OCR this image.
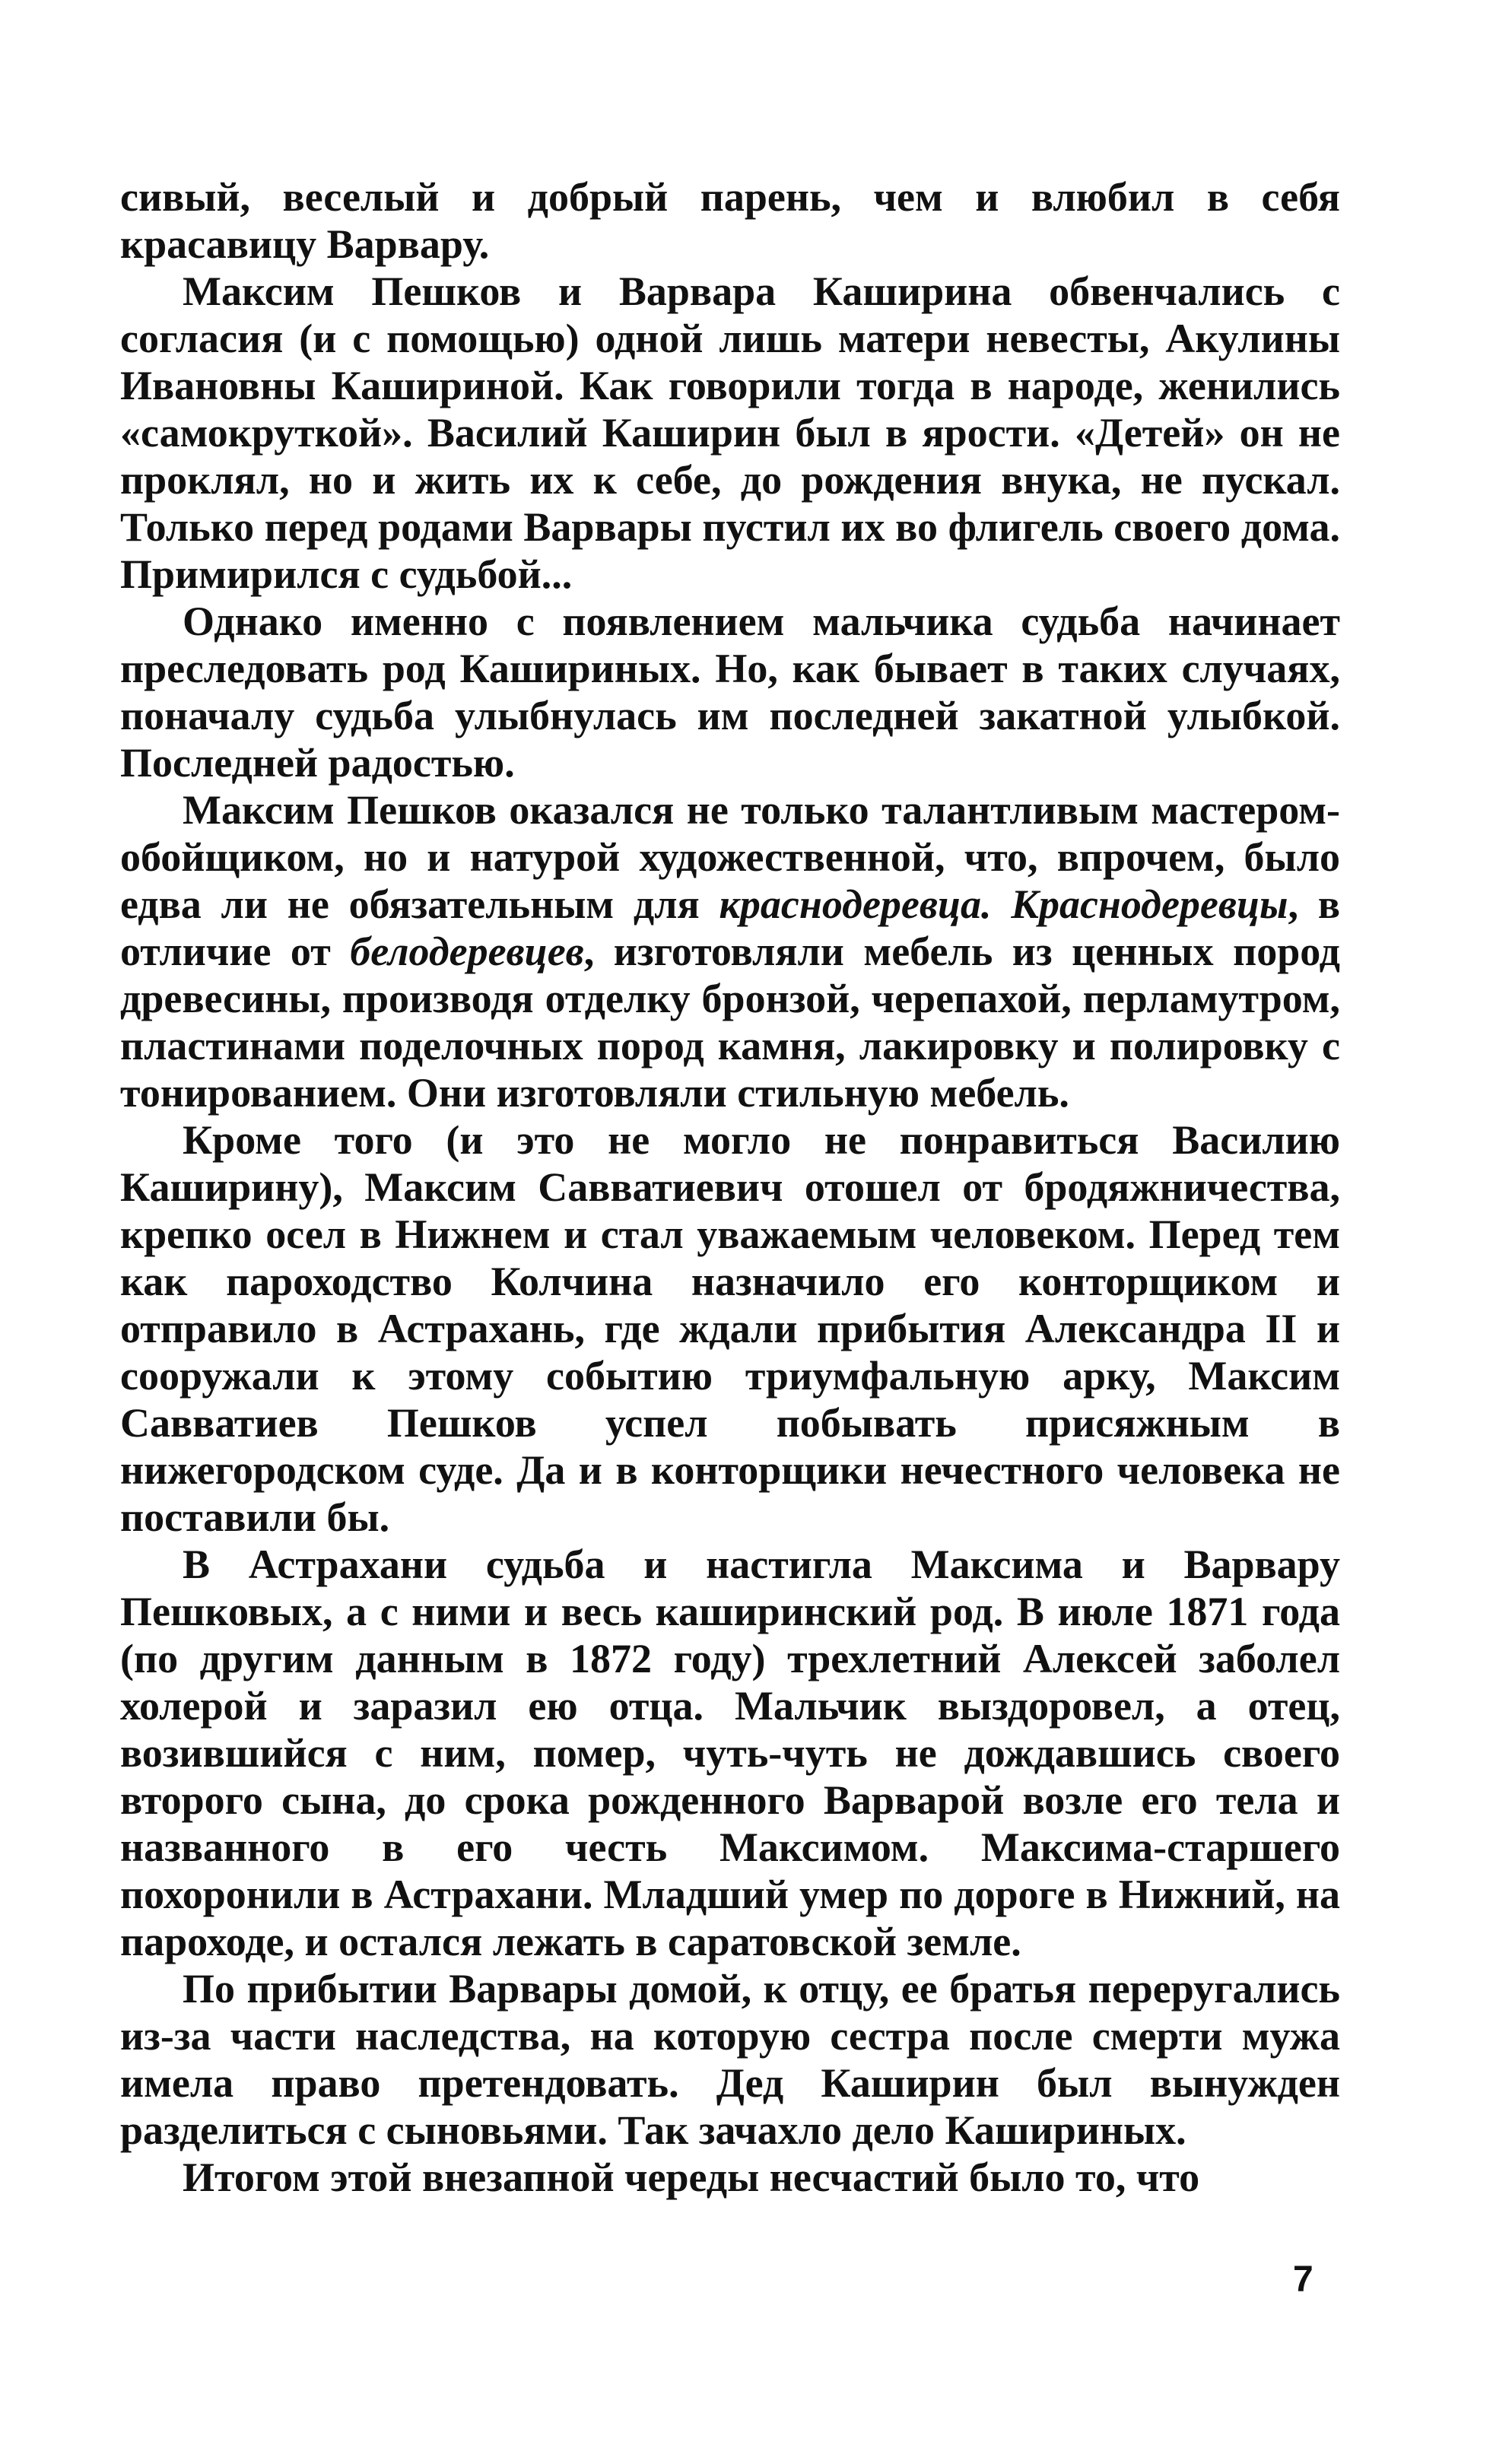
сивый, веселый и добрый парень, чем и влюбил в себя красавицу Варвару.

Максим Пешков и Варвара Каширина обвенчались с согласия (и с помощью) одной лишь матери невесты, Акулины Ивановны Кашириной. Как говорили тогда в народе, женились «самокруткой». Василий Каширин был в ярости. «Детей» он не проклял, но и жить их к себе, до рождения внука, не пускал. Только перед родами Варвары пустил их во флигель своего дома. Примирился с судьбой...

Однако именно с появлением мальчика судьба начинает преследовать род Кашириных. Но, как бывает в таких случаях, поначалу судьба улыбнулась им последней закатной улыбкой. Последней радостью.

Максим Пешков оказался не только талантливым мастером-обойщиком, но и натурой художественной, что, впрочем, было едва ли не обязательным для краснодеревца. Краснодеревцы, в отличие от белодеревцев, изготовляли мебель из ценных пород древесины, производя отделку бронзой, черепахой, перламутром, пластинами поделочных пород камня, лакировку и полировку с тонированием. Они изготовляли стильную мебель.

Кроме того (и это не могло не понравиться Василию Каширину), Максим Савватиевич отошел от бродяжничества, крепко осел в Нижнем и стал уважаемым человеком. Перед тем как пароходство Колчина назначило его конторщиком и отправило в Астрахань, где ждали прибытия Александра II и сооружали к этому событию триумфальную арку, Максим Савватиев Пешков успел побывать присяжным в нижегородском суде. Да и в конторщики нечестного человека не поставили бы.

В Астрахани судьба и настигла Максима и Варвару Пешковых, а с ними и весь каширинский род. В июле 1871 года (по другим данным в 1872 году) трехлетний Алексей заболел холерой и заразил ею отца. Мальчик выздоровел, а отец, возившийся с ним, помер, чуть-чуть не дождавшись своего второго сына, до срока рожденного Варварой возле его тела и названного в его честь Максимом. Максима-старшего похоронили в Астрахани. Младший умер по дороге в Нижний, на пароходе, и остался лежать в саратовской земле.

По прибытии Варвары домой, к отцу, ее братья переругались из-за части наследства, на которую сестра после смерти мужа имела право претендовать. Дед Каширин был вынужден разделиться с сыновьями. Так зачахло дело Кашириных.

Итогом этой внезапной череды несчастий было то, что

7
